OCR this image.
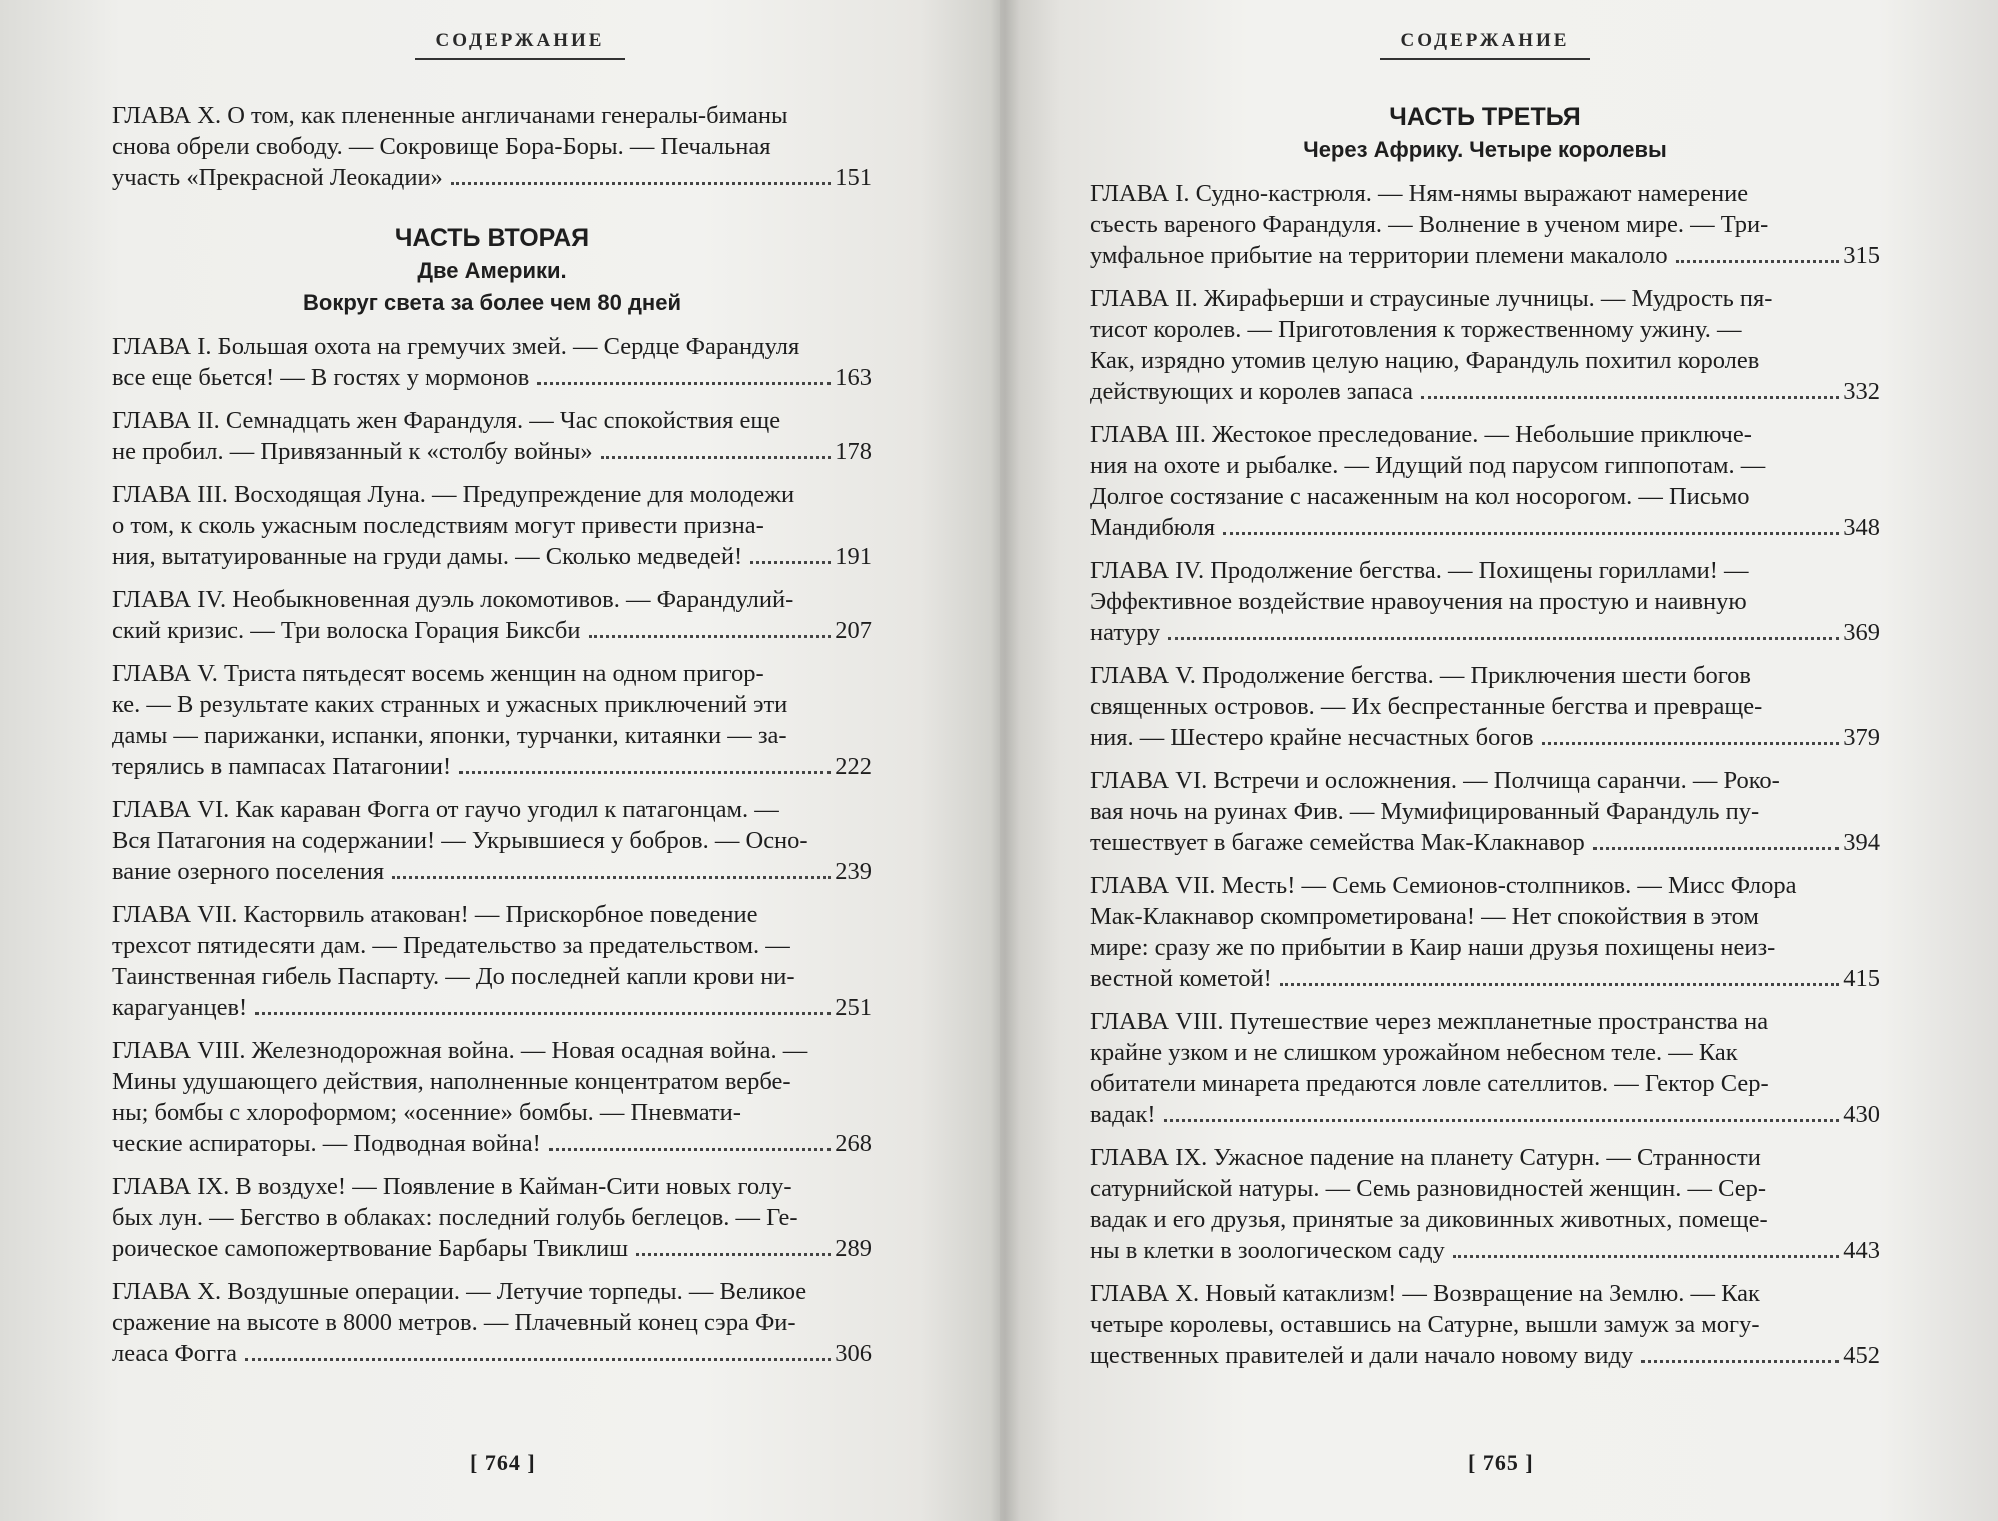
СОДЕРЖАНИЕ
ГЛАВА X. О том, как плененные англичанами генералы-биманы
снова обрели свободу. — Сокровище Бора-Боры. — Печальная
участь «Прекрасной Леокадии»	151
ЧАСТЬ ВТОРАЯ
Две Америки.
Вокруг света за более чем 80 дней
ГЛАВА I. Большая охота на гремучих змей. — Сердце Фарандуля
все еще бьется! — В гостях у мормонов	163
ГЛАВА II. Семнадцать жен Фарандуля. — Час спокойствия еще
не пробил. — Привязанный к «столбу войны»	178
ГЛАВА III. Восходящая Луна. — Предупреждение для молодежи
о том, к сколь ужасным последствиям могут привести призна-
ния, вытатуированные на груди дамы. — Сколько медведей!	191
ГЛАВА IV. Необыкновенная дуэль локомотивов. — Фарандулий-
ский кризис. — Три волоска Горация Биксби	207
ГЛАВА V. Триста пятьдесят восемь женщин на одном пригор-
ке. — В результате каких странных и ужасных приключений эти
дамы — парижанки, испанки, японки, турчанки, китаянки — за-
терялись в пампасах Патагонии!	222
ГЛАВА VI. Как караван Фогга от гаучо угодил к патагонцам. —
Вся Патагония на содержании! — Укрывшиеся у бобров. — Осно-
вание озерного поселения	239
ГЛАВА VII. Касторвиль атакован! — Прискорбное поведение
трехсот пятидесяти дам. — Предательство за предательством. —
Таинственная гибель Паспарту. — До последней капли крови ни-
карагуанцев!	251
ГЛАВА VIII. Железнодорожная война. — Новая осадная война. —
Мины удушающего действия, наполненные концентратом вербе-
ны; бомбы с хлороформом; «осенние» бомбы. — Пневмати-
ческие аспираторы. — Подводная война!	268
ГЛАВА IX. В воздухе! — Появление в Кайман-Сити новых голу-
бых лун. — Бегство в облаках: последний голубь беглецов. — Ге-
роическое самопожертвование Барбары Твиклиш	289
ГЛАВА X. Воздушные операции. — Летучие торпеды. — Великое
сражение на высоте в 8000 метров. — Плачевный конец сэра Фи-
леаса Фогга	306
[ 764 ]
СОДЕРЖАНИЕ
ЧАСТЬ ТРЕТЬЯ
Через Африку. Четыре королевы
ГЛАВА I. Судно-кастрюля. — Ням-нямы выражают намерение
съесть вареного Фарандуля. — Волнение в ученом мире. — Три-
умфальное прибытие на территории племени макалоло	315
ГЛАВА II. Жирафьерши и страусиные лучницы. — Мудрость пя-
тисот королев. — Приготовления к торжественному ужину. —
Как, изрядно утомив целую нацию, Фарандуль похитил королев
действующих и королев запаса	332
ГЛАВА III. Жестокое преследование. — Небольшие приключе-
ния на охоте и рыбалке. — Идущий под парусом гиппопотам. —
Долгое состязание с насаженным на кол носорогом. — Письмо
Мандибюля	348
ГЛАВА IV. Продолжение бегства. — Похищены гориллами! —
Эффективное воздействие нравоучения на простую и наивную
натуру	369
ГЛАВА V. Продолжение бегства. — Приключения шести богов
священных островов. — Их беспрестанные бегства и превраще-
ния. — Шестеро крайне несчастных богов	379
ГЛАВА VI. Встречи и осложнения. — Полчища саранчи. — Роко-
вая ночь на руинах Фив. — Мумифицированный Фарандуль пу-
тешествует в багаже семейства Мак-Клакнавор	394
ГЛАВА VII. Месть! — Семь Семионов-столпников. — Мисс Флора
Мак-Клакнавор скомпрометирована! — Нет спокойствия в этом
мире: сразу же по прибытии в Каир наши друзья похищены неиз-
вестной кометой!	415
ГЛАВА VIII. Путешествие через межпланетные пространства на
крайне узком и не слишком урожайном небесном теле. — Как
обитатели минарета предаются ловле сателлитов. — Гектор Сер-
вадак!	430
ГЛАВА IX. Ужасное падение на планету Сатурн. — Странности
сатурнийской натуры. — Семь разновидностей женщин. — Сер-
вадак и его друзья, принятые за диковинных животных, помеще-
ны в клетки в зоологическом саду	443
ГЛАВА X. Новый катаклизм! — Возвращение на Землю. — Как
четыре королевы, оставшись на Сатурне, вышли замуж за могу-
щественных правителей и дали начало новому виду	452
[ 765 ]
